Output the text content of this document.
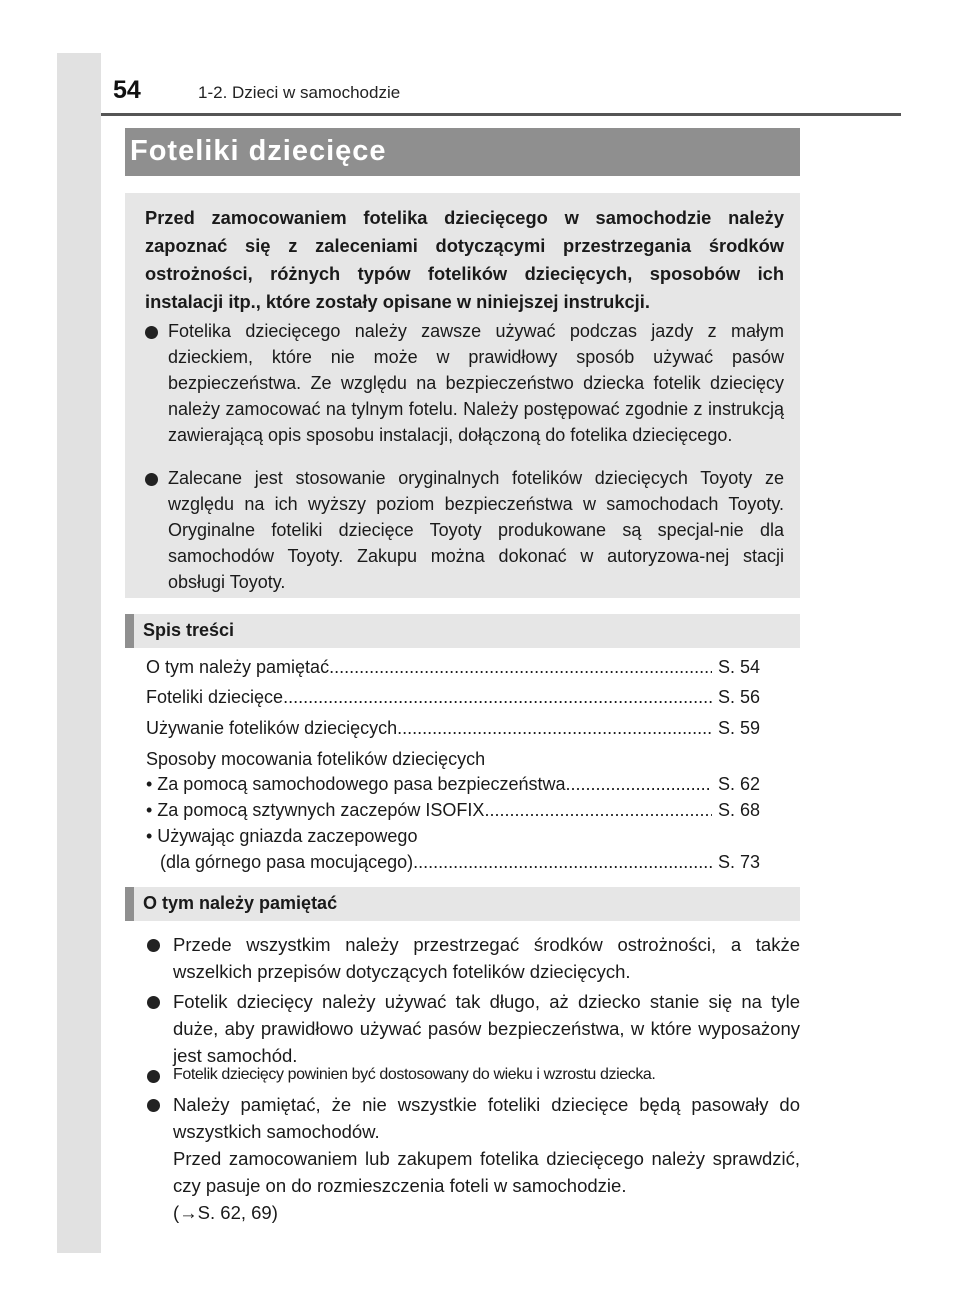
54	1-2. Dzieci w samochodzie
Foteliki dziecięce

Przed zamocowaniem fotelika dziecięcego w samochodzie należy zapoznać się z zaleceniami dotyczącymi przestrzegania środków ostrożności, różnych typów fotelików dziecięcych, sposobów ich instalacji itp., które zostały opisane w niniejszej instrukcji.

Fotelika dziecięcego należy zawsze używać podczas jazdy z małym dzieckiem, które nie może w prawidłowy sposób używać pasów bezpieczeństwa. Ze względu na bezpieczeństwo dziecka fotelik dziecięcy należy zamocować na tylnym fotelu. Należy postępować zgodnie z instrukcją zawierającą opis sposobu instalacji, dołączoną do fotelika dziecięcego.

Zalecane jest stosowanie oryginalnych fotelików dziecięcych Toyoty ze względu na ich wyższy poziom bezpieczeństwa w samochodach Toyoty. Oryginalne foteliki dziecięce Toyoty produkowane są specjal-nie dla samochodów Toyoty. Zakupu można dokonać w autoryzowa-nej stacji obsługi Toyoty.

Spis treści
O tym należy pamiętać .....	S. 54
Foteliki dziecięce .....	S. 56
Używanie fotelików dziecięcych .....	S. 59
Sposoby mocowania fotelików dziecięcych
• Za pomocą samochodowego pasa bezpieczeństwa .....	S. 62
• Za pomocą sztywnych zaczepów ISOFIX .....	S. 68
• Używając gniazda zaczepowego
(dla górnego pasa mocującego) .....	S. 73
O tym należy pamiętać

Przede wszystkim należy przestrzegać środków ostrożności, a także wszelkich przepisów dotyczących fotelików dziecięcych.

Fotelik dziecięcy należy używać tak długo, aż dziecko stanie się na tyle duże, aby prawidłowo używać pasów bezpieczeństwa, w które wyposażony jest samochód.

Fotelik dziecięcy powinien być dostosowany do wieku i wzrostu dziecka.

Należy pamiętać, że nie wszystkie foteliki dziecięce będą pasowały do wszystkich samochodów.

Przed zamocowaniem lub zakupem fotelika dziecięcego należy sprawdzić, czy pasuje on do rozmieszczenia foteli w samochodzie.

(→S. 62, 69)
